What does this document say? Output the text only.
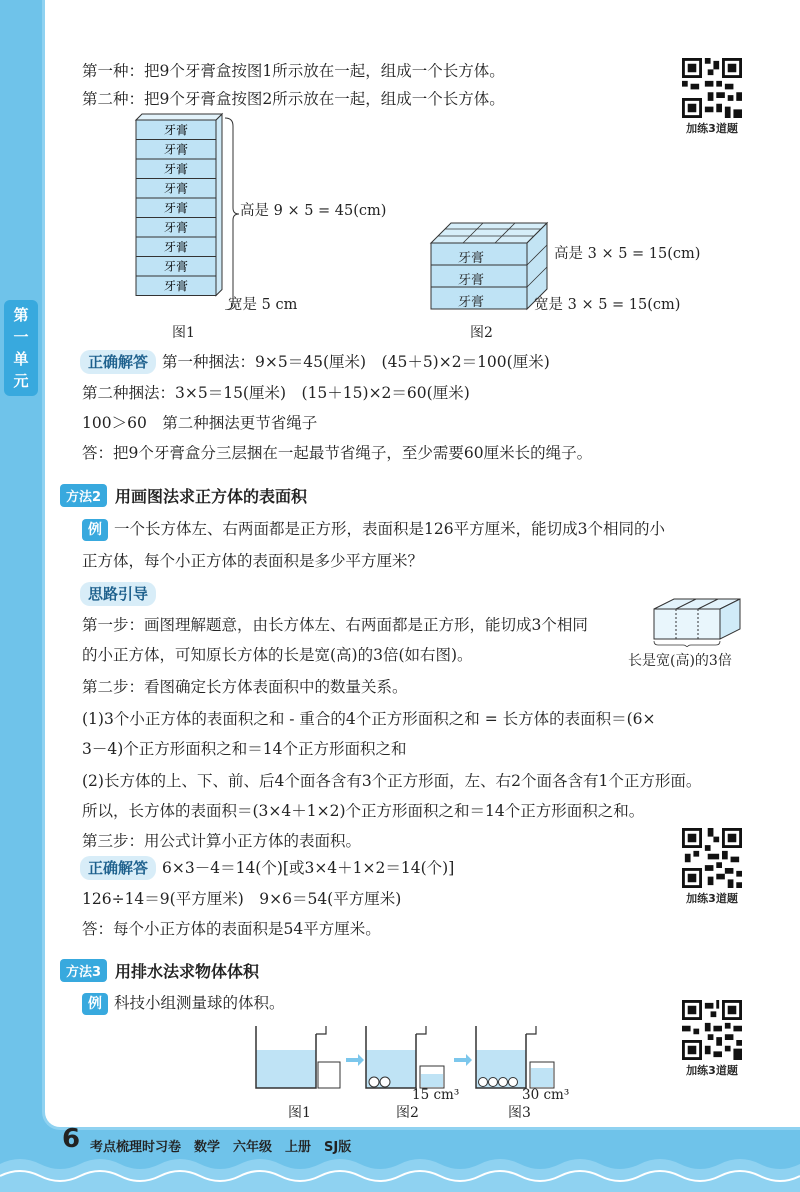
第
一
单
元
第一种：把9个牙膏盒按图1所示放在一起，组成一个长方体。
第二种：把9个牙膏盒按图2所示放在一起，组成一个长方体。
加练3道题
牙膏
牙膏
牙膏
牙膏
牙膏
牙膏
牙膏
牙膏
牙膏
高是 9 × 5 = 45(cm)
宽是 5 cm
图1
牙膏
牙膏
牙膏
高是 3 × 5 = 15(cm)
宽是 3 × 5 = 15(cm)
图2
正确解答 第一种捆法：9×5＝45(厘米)　(45＋5)×2＝100(厘米)
第二种捆法：3×5＝15(厘米)　(15＋15)×2＝60(厘米)
100＞60　第二种捆法更节省绳子
答：把9个牙膏盒分三层捆在一起最节省绳子，至少需要60厘米长的绳子。
方法2 用画图法求正方体的表面积
例 一个长方体左、右两面都是正方形，表面积是126平方厘米，能切成3个相同的小
正方体，每个小正方体的表面积是多少平方厘米？
思路引导
第一步：画图理解题意，由长方体左、右两面都是正方形，能切成3个相同
的小正方体，可知原长方体的长是宽(高)的3倍(如右图)。	长是宽(高)的3倍
第二步：看图确定长方体表面积中的数量关系。
(1)3个小正方体的表面积之和 - 重合的4个正方形面积之和 = 长方体的表面积＝(6×
3－4)个正方形面积之和＝14个正方形面积之和
(2)长方体的上、下、前、后4个面各含有3个正方形面，左、右2个面各含有1个正方形面。
所以，长方体的表面积＝(3×4＋1×2)个正方形面积之和＝14个正方形面积之和。
第三步：用公式计算小正方体的表面积。
加练3道题
正确解答 6×3－4＝14(个)[或3×4＋1×2＝14(个)]
126÷14＝9(平方厘米)　9×6＝54(平方厘米)
答：每个小正方体的表面积是54平方厘米。
方法3 用排水法求物体体积
例 科技小组测量球的体积。
加练3道题
15 cm³	30 cm³
图1	图2	图3
6 考点梳理时习卷　数学　六年级　上册　SJ版
